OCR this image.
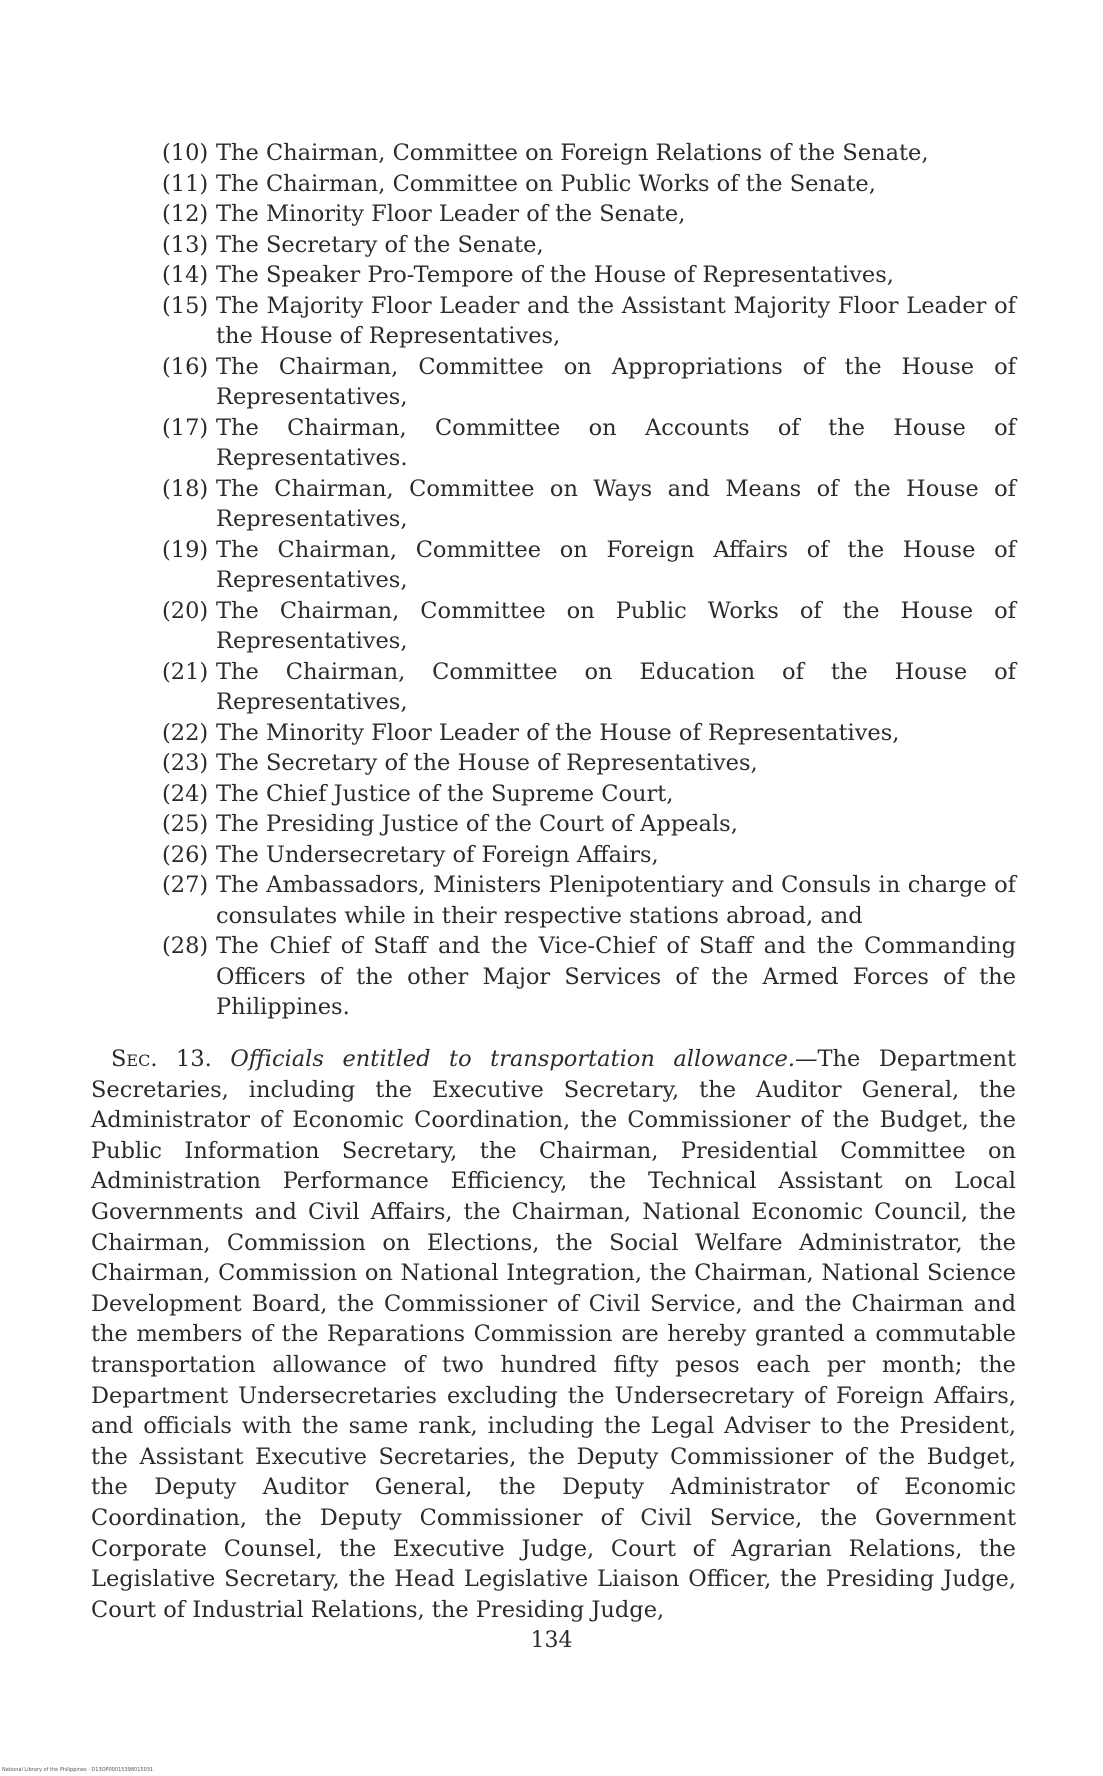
(10) The Chairman, Committee on Foreign Relations of the Senate,
(11) The Chairman, Committee on Public Works of the Senate,
(12) The Minority Floor Leader of the Senate,
(13) The Secretary of the Senate,
(14) The Speaker Pro-Tempore of the House of Representatives,
(15) The Majority Floor Leader and the Assistant Majority Floor Leader of the House of Representatives,
(16) The Chairman, Committee on Appropriations of the House of Representatives,
(17) The Chairman, Committee on Accounts of the House of Representatives.
(18) The Chairman, Committee on Ways and Means of the House of Representatives,
(19) The Chairman, Committee on Foreign Affairs of the House of Representatives,
(20) The Chairman, Committee on Public Works of the House of Representatives,
(21) The Chairman, Committee on Education of the House of Representatives,
(22) The Minority Floor Leader of the House of Representatives,
(23) The Secretary of the House of Representatives,
(24) The Chief Justice of the Supreme Court,
(25) The Presiding Justice of the Court of Appeals,
(26) The Undersecretary of Foreign Affairs,
(27) The Ambassadors, Ministers Plenipotentiary and Consuls in charge of consulates while in their respective stations abroad, and
(28) The Chief of Staff and the Vice-Chief of Staff and the Commanding Officers of the other Major Services of the Armed Forces of the Philippines.

Sec. 13. Officials entitled to transportation allowance.—The Department Secretaries, including the Executive Secretary, the Auditor General, the Administrator of Economic Coordination, the Commissioner of the Budget, the Public Information Secretary, the Chairman, Presidential Committee on Administration Performance Efficiency, the Technical Assistant on Local Governments and Civil Affairs, the Chairman, National Economic Council, the Chairman, Commission on Elections, the Social Welfare Administrator, the Chairman, Commission on National Integration, the Chairman, National Science Development Board, the Commissioner of Civil Service, and the Chairman and the members of the Reparations Commission are hereby granted a commutable transportation allowance of two hundred fifty pesos each per month; the Department Undersecretaries excluding the Undersecretary of Foreign Affairs, and officials with the same rank, including the Legal Adviser to the President, the Assistant Executive Secretaries, the Deputy Commissioner of the Budget, the Deputy Auditor General, the Deputy Administrator of Economic Coordination, the Deputy Commissioner of Civil Service, the Government Corporate Counsel, the Executive Judge, Court of Agrarian Relations, the Legislative Secretary, the Head Legislative Liaison Officer, the Presiding Judge, Court of Industrial Relations, the Presiding Judge,

134
National Library of the Philippines · D13OP00015398015031
